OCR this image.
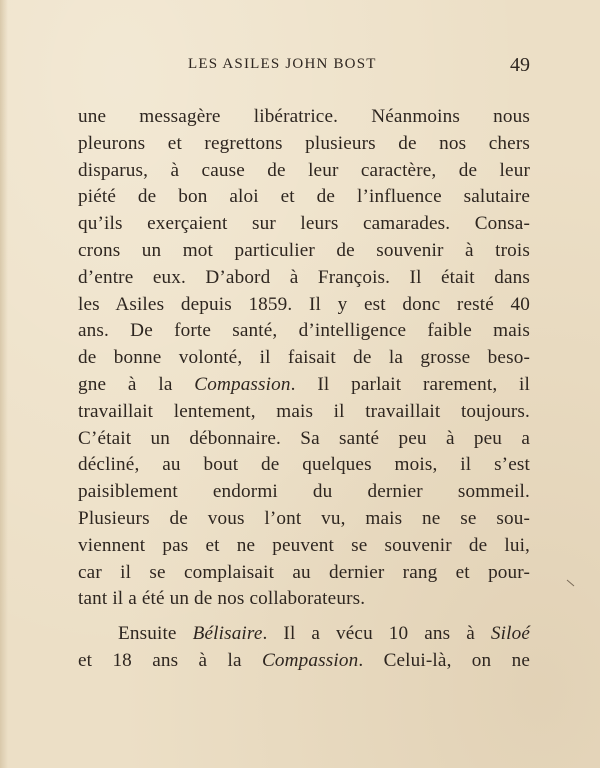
LES ASILES JOHN BOST	49
une messagère libératrice. Néanmoins nous
pleurons et regrettons plusieurs de nos chers
disparus, à cause de leur caractère, de leur
piété de bon aloi et de l’influence salutaire
qu’ils exerçaient sur leurs camarades. Consa-
crons un mot particulier de souvenir à trois
d’entre eux. D’abord à François. Il était dans
les Asiles depuis 1859. Il y est donc resté 40
ans. De forte santé, d’intelligence faible mais
de bonne volonté, il faisait de la grosse beso-
gne à la Compassion. Il parlait rarement, il
travaillait lentement, mais il travaillait toujours.
C’était un débonnaire. Sa santé peu à peu a
décliné, au bout de quelques mois, il s’est
paisiblement endormi du dernier sommeil.
Plusieurs de vous l’ont vu, mais ne se sou-
viennent pas et ne peuvent se souvenir de lui,
car il se complaisait au dernier rang et pour-
tant il a été un de nos collaborateurs.
Ensuite Bélisaire. Il a vécu 10 ans à Siloé
et 18 ans à la Compassion. Celui-là, on ne
